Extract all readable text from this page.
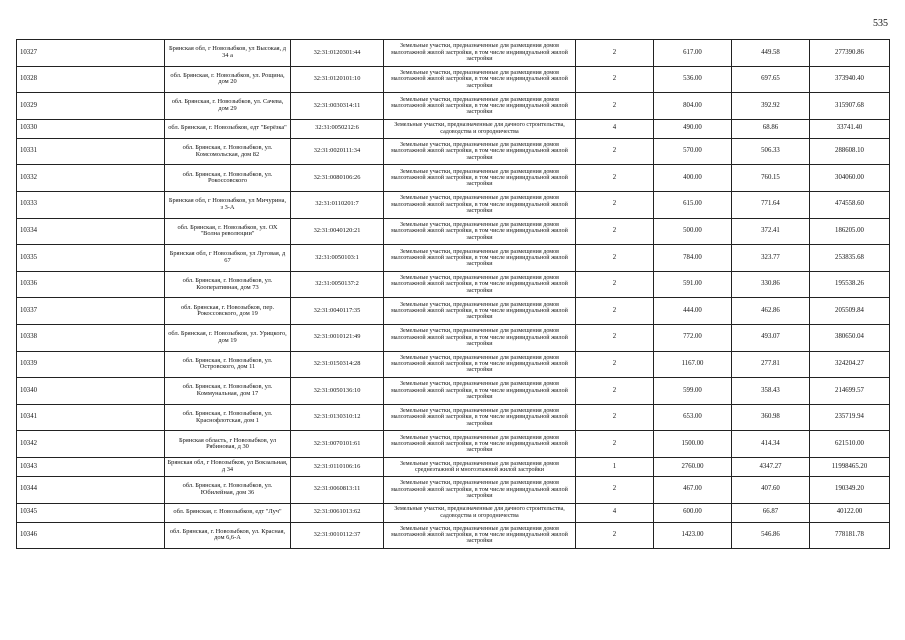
535
10327	Брянская обл, г Новозыбков, ул Высокая, д 34 а	32:31:0120301:44	Земельные участки, предназначенные для размещения домов малоэтажной жилой застройки, в том числе индивидуальной жилой застройки	2	617.00	449.58	277390.86
10328	обл. Брянская, г. Новозыбков, ул. Рощина, дом 20	32:31:0120101:10	Земельные участки, предназначенные для размещения домов малоэтажной жилой застройки, в том числе индивидуальной жилой застройки	2	536.00	697.65	373940.40
10329	обл. Брянская, г. Новозыбков, ул. Сачева, дом 29	32:31:0030314:11	Земельные участки, предназначенные для размещения домов малоэтажной жилой застройки, в том числе индивидуальной жилой застройки	2	804.00	392.92	315907.68
10330	обл. Брянская, г. Новозыбков, едт "Берёзка"	32:31:0050212:6	Земельные участки, предназначенные для дачного строительства, садоводства и огородничества	4	490.00	68.86	33741.40
10331	обл. Брянская, г. Новозыбков, ул. Комсомольская, дом 82	32:31:0020111:34	Земельные участки, предназначенные для размещения домов малоэтажной жилой застройки, в том числе индивидуальной жилой застройки	2	570.00	506.33	288608.10
10332	обл. Брянская, г. Новозыбков, ул. Рокоссовского	32:31:0080106:26	Земельные участки, предназначенные для размещения домов малоэтажной жилой застройки, в том числе индивидуальной жилой застройки	2	400.00	760.15	304060.00
10333	Брянская обл, г Новозыбков, ул Мичурина, з 3-А	32:31:0110201:7	Земельные участки, предназначенные для размещения домов малоэтажной жилой застройки, в том числе индивидуальной жилой застройки	2	615.00	771.64	474558.60
10334	обл. Брянская, г. Новозыбков, ул. ОХ "Волна революции"	32:31:0040120:21	Земельные участки, предназначенные для размещения домов малоэтажной жилой застройки, в том числе индивидуальной жилой застройки	2	500.00	372.41	186205.00
10335	Брянская обл, г Новозыбков, ул Луговая, д 67	32:31:0050103:1	Земельные участки, предназначенные для размещения домов малоэтажной жилой застройки, в том числе индивидуальной жилой застройки	2	784.00	323.77	253835.68
10336	обл. Брянская, г. Новозыбков, ул. Кооперативная, дом 73	32:31:0050137:2	Земельные участки, предназначенные для размещения домов малоэтажной жилой застройки, в том числе индивидуальной жилой застройки	2	591.00	330.86	195538.26
10337	обл. Брянская, г. Новозыбков, пер. Рокоссовского, дом 19	32:31:0040117:35	Земельные участки, предназначенные для размещения домов малоэтажной жилой застройки, в том числе индивидуальной жилой застройки	2	444.00	462.86	205509.84
10338	обл. Брянская, г. Новозыбков, ул. Урицкого, дом 19	32:31:0010121:49	Земельные участки, предназначенные для размещения домов малоэтажной жилой застройки, в том числе индивидуальной жилой застройки	2	772.00	493.07	380650.04
10339	обл. Брянская, г. Новозыбков, ул. Островского, дом 11	32:31:0150314:28	Земельные участки, предназначенные для размещения домов малоэтажной жилой застройки, в том числе индивидуальной жилой застройки	2	1167.00	277.81	324204.27
10340	обл. Брянская, г. Новозыбков, ул. Коммунальная, дом 17	32:31:0050136:10	Земельные участки, предназначенные для размещения домов малоэтажной жилой застройки, в том числе индивидуальной жилой застройки	2	599.00	358.43	214699.57
10341	обл. Брянская, г. Новозыбков, ул. Краснофлотская, дом 1	32:31:0130310:12	Земельные участки, предназначенные для размещения домов малоэтажной жилой застройки, в том числе индивидуальной жилой застройки	2	653.00	360.98	235719.94
10342	Брянская область, г Новозыбков, ул Рябиновая, д 30	32:31:0070101:61	Земельные участки, предназначенные для размещения домов малоэтажной жилой застройки, в том числе индивидуальной жилой застройки	2	1500.00	414.34	621510.00
10343	Брянская обл, г Новозыбков, ул Вокзальная, д 34	32:31:0110106:16	Земельные участки, предназначенные для размещения домов среднеэтажной и многоэтажной жилой застройки	1	2760.00	4347.27	11998465.20
10344	обл. Брянская, г. Новозыбков, ул. Юбилейная, дом 36	32:31:0060813:11	Земельные участки, предназначенные для размещения домов малоэтажной жилой застройки, в том числе индивидуальной жилой застройки	2	467.00	407.60	190349.20
10345	обл. Брянская, г. Новозыбков, едт "Луч"	32:31:0061013:62	Земельные участки, предназначенные для дачного строительства, садоводства и огородничества	4	600.00	66.87	40122.00
10346	обл. Брянская, г. Новозыбков, ул. Красная, дом 6,6-А	32:31:0010112:37	Земельные участки, предназначенные для размещения домов малоэтажной жилой застройки, в том числе индивидуальной жилой застройки	2	1423.00	546.86	778181.78
